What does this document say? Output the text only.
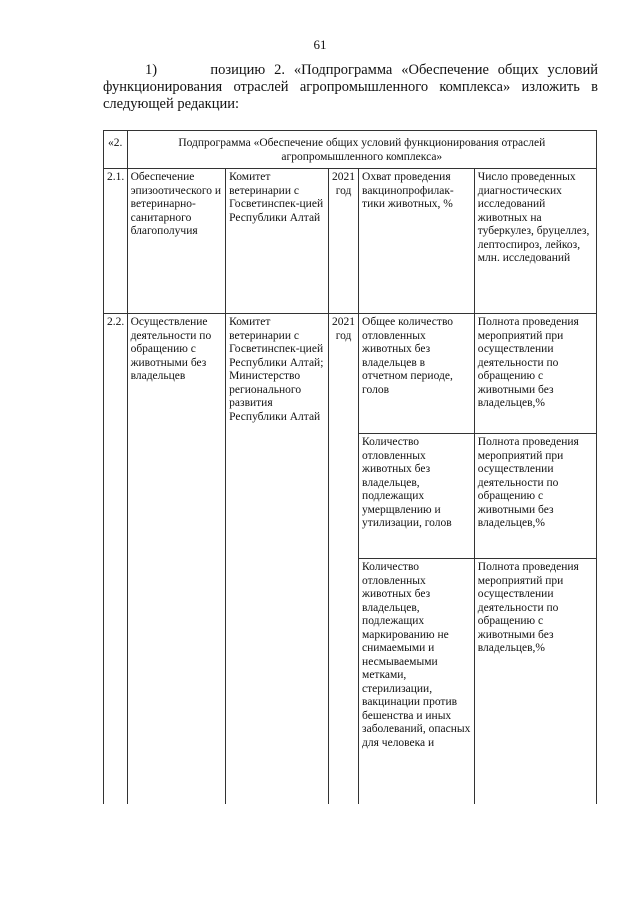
61
1)	позицию 2. «Подпрограмма «Обеспечение общих условий функционирования отраслей агропромышленного комплекса» изложить в следующей редакции:
«2.	Подпрограмма «Обеспечение общих условий функционирования отраслей агропромышленного комплекса»				
2.1.	Обеспечение эпизоотического и ветеринарно-санитарного благополучия	Комитет ветеринарии с Госветинспек-цией Республики Алтай	2021 год	Охват проведения вакцинопрофилак-тики животных, %	Число проведенных диагностических исследований животных на туберкулез, бруцеллез, лептоспироз, лейкоз, млн. исследований
2.2.	Осуществление деятельности по обращению с животными без владельцев	Комитет ветеринарии с Госветинспек-цией Республики Алтай; Министерство регионального развития Республики Алтай	2021 год	Общее количество отловленных животных без владельцев в отчетном периоде, голов	Полнота проведения мероприятий при осуществлении деятельности по обращению с животными без владельцев,%
				Количество отловленных животных без владельцев, подлежащих умерщвлению и утилизации, голов	Полнота проведения мероприятий при осуществлении деятельности по обращению с животными без владельцев,%
				Количество отловленных животных без владельцев, подлежащих маркированию не снимаемыми и несмываемыми метками, стерилизации, вакцинации против бешенства и иных заболеваний, опасных для человека и	Полнота проведения мероприятий при осуществлении деятельности по обращению с животными без владельцев,%
